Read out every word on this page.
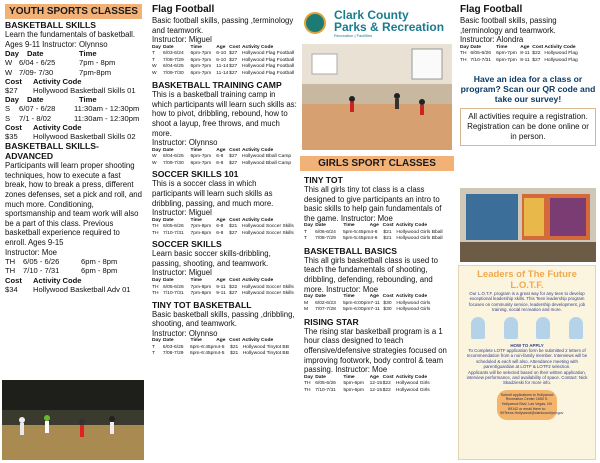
YOUTH SPORTS CLASSES
BASKETBALL SKILLS
Learn the fundamentals of basketball. Ages 9-11 Instructor: Olynnso
Day	Date	Time
W 6/04 - 6/25	7pm - 8pm
W 7/09- 7/30	7pm-8pm
Cost	Activity Code
$27	Hollywood Basketball Skills 01
Day	Date	Time
S	6/07 - 6/28	11:30am - 12:30pm
S	7/1 - 8/02	11:30am - 12:30pm
Cost	Activity Code
$35	Hollywood Basketball Skills 02
BASKETBALL SKILLS-ADVANCED
Participants will learn proper shooting techniques, how to execute a fast break, how to break a press, different zones defenses, set a pick and roll, and much more. Conditioning, sportsmanship and team work will also be a part of this class. Previous basketball experience required to enroll. Ages 9-15
Instructor: Moe
TH	6/05 - 6/26	6pm - 8pm
TH	7/10 - 7/31	6pm - 8pm
Cost	Activity Code
$34	Hollywood Basketball Adv 01
Flag Football
Basic football skills, passing ,terminology and teamwork.
Instructor: Miguel
Day Date	Time	Age Cost Activity Code
T	6/03-6/24	6pm-7pm	6-10 $27 Hollywood Flag Football
T	7/08-7/29	6pm-7pm	6-10 $27 Hollywood Flag Football
W	6/04-6/25	6pm-7pm	11-14 $27 Hollywood Flag Football
W	7/09-7/30	6pm-7pm	11-14 $27 Hollywood Flag Football
BASKETBALL TRAINING CAMP
This is a basketball training camp in which participants will learn such skills as: how to pivot, dribbling, rebound, how to shoot a layup, free throws, and much more.
Instructor: Olynnso
Day Date	Time	Age Cost Activity Code
W	6/04-6/25	6pm-7pm	6-8	$27 Hollywood Bball Camp
W	7/09-7/30	6pm-7pm	6-8	$27 Hollywood Bball Camp
SOCCER SKILLS 101
This is a soccer class in which participants will learn such skills as dribbling, passing, and much more.
Instructor: Miguel
Day Date	Time	Age Cost Activity Code
TH 6/05-6/26	7pm-8pm	6-8	$21 Hollywood Soccer Skills
TH 7/10-7/31	7pm-8pm	6-8	$27 Hollywood Soccer Skills
SOCCER SKILLS
Learn basic soccer skills-dribbling, passing, shooting, and teamwork.
Instructor: Miguel
Day Date	Time	Age Cost Activity Code
TH 6/05-6/26	7pm-8pm	9-11 $22 Hollywood Soccer Skills
TH 7/10-7/31	7pm-8pm	9-11 $27 Hollywood Soccer Skills
TINY TOT BASKETBALL
Basic basketball skills, passing ,dribbling, shooting, and teamwork.
Instructor: Olynnso
Day Date	Time	Age Cost Activity Code
T	6/03-6/25	6pm-6:45pm 4-5	$21 Hollywood Tinytot BB
T	7/08-7/29	6pm-6:45pm 4-5	$21 Hollywood Tinytot BB
Clark County
Parks & Recreation
Recreation | Facilities
GIRLS SPORT CLASSES
TINY TOT
This all girls tiny tot class is a class designed to give participants an intro to basic skills to help gain fundamentals of the game. Instructor: Moe
Day Date	Time	Age Cost Activity Code
T	6/06-6/24	5pm-5:45pm 4-6	$21 Hollywood Girls Bball
T	7/08-7/29	5pm-5:45pm 4-6	$21 Hollywood Girls Bball
BASKETBALL BASICS
This all girls basketball class is used to teach the fundamentals of shooting, dribbling, defending, rebounding, and more. Instructor: Moe
Day Date	Time	Age Cost Activity Code
M	6/02-6/23	5pm-6:00pm 7-11 $30 Hollywood Girls
M	7/07-7/28	5pm-6:00pm 7-11 $30 Hollywood Girls
RISING STAR
The rising star basketball program is a 1 hour class designed to teach offensive/defensive strategies focused on improving footwork, body control & team passing. Instructor: Moe
Day Date	Time	Age Cost Activity Code
TH 6/05-6/26	5pm-6pm	12-15 $22	Hollywood Girls
TH 7/10-7/31	5pm-6pm	12-15 $22	Hollywood Girls
Flag Football
Basic football skills, passing ,terminology and teamwork.
Instructor: Alondra
Day Date	Time	Age Cost Activity Code
TH 6/05-6/26	6pm-7pm 8-11 $22 Hollywood Flag
TH 7/10-7/31	6pm-7pm 8-11 $27 Hollywood Flag
Have an idea for a class or program? Scan our QR code and take our survey!
All activities require a registration. Registration can be done online or in person.
Leaders of The Future L.O.T.F.
Our L.O.T.F. program is a great way for any teen to develop exceptional leadership skills. This Teen leadership program focuses on community service, leadership development, job training, social recreation and more.
HOW TO APPLY
To Complete LOTF application form be submitted 2 letters of recommendation from a non-family member. Interviews will be scheduled & each will also. Attendance meeting with parent/guardian at LOTF & LOTF2 selection.
Applicants will be selected based on their written application, interview performance, and availability of space. Contact: Nick Skadzieski for more info.
Submit applications to Hollywood Recreation Center 1650 S. Hollywood Blvd, Las Vegas, NV 89142 or email them to: 90Teens.Hollywood@clarkcountynv.gov
